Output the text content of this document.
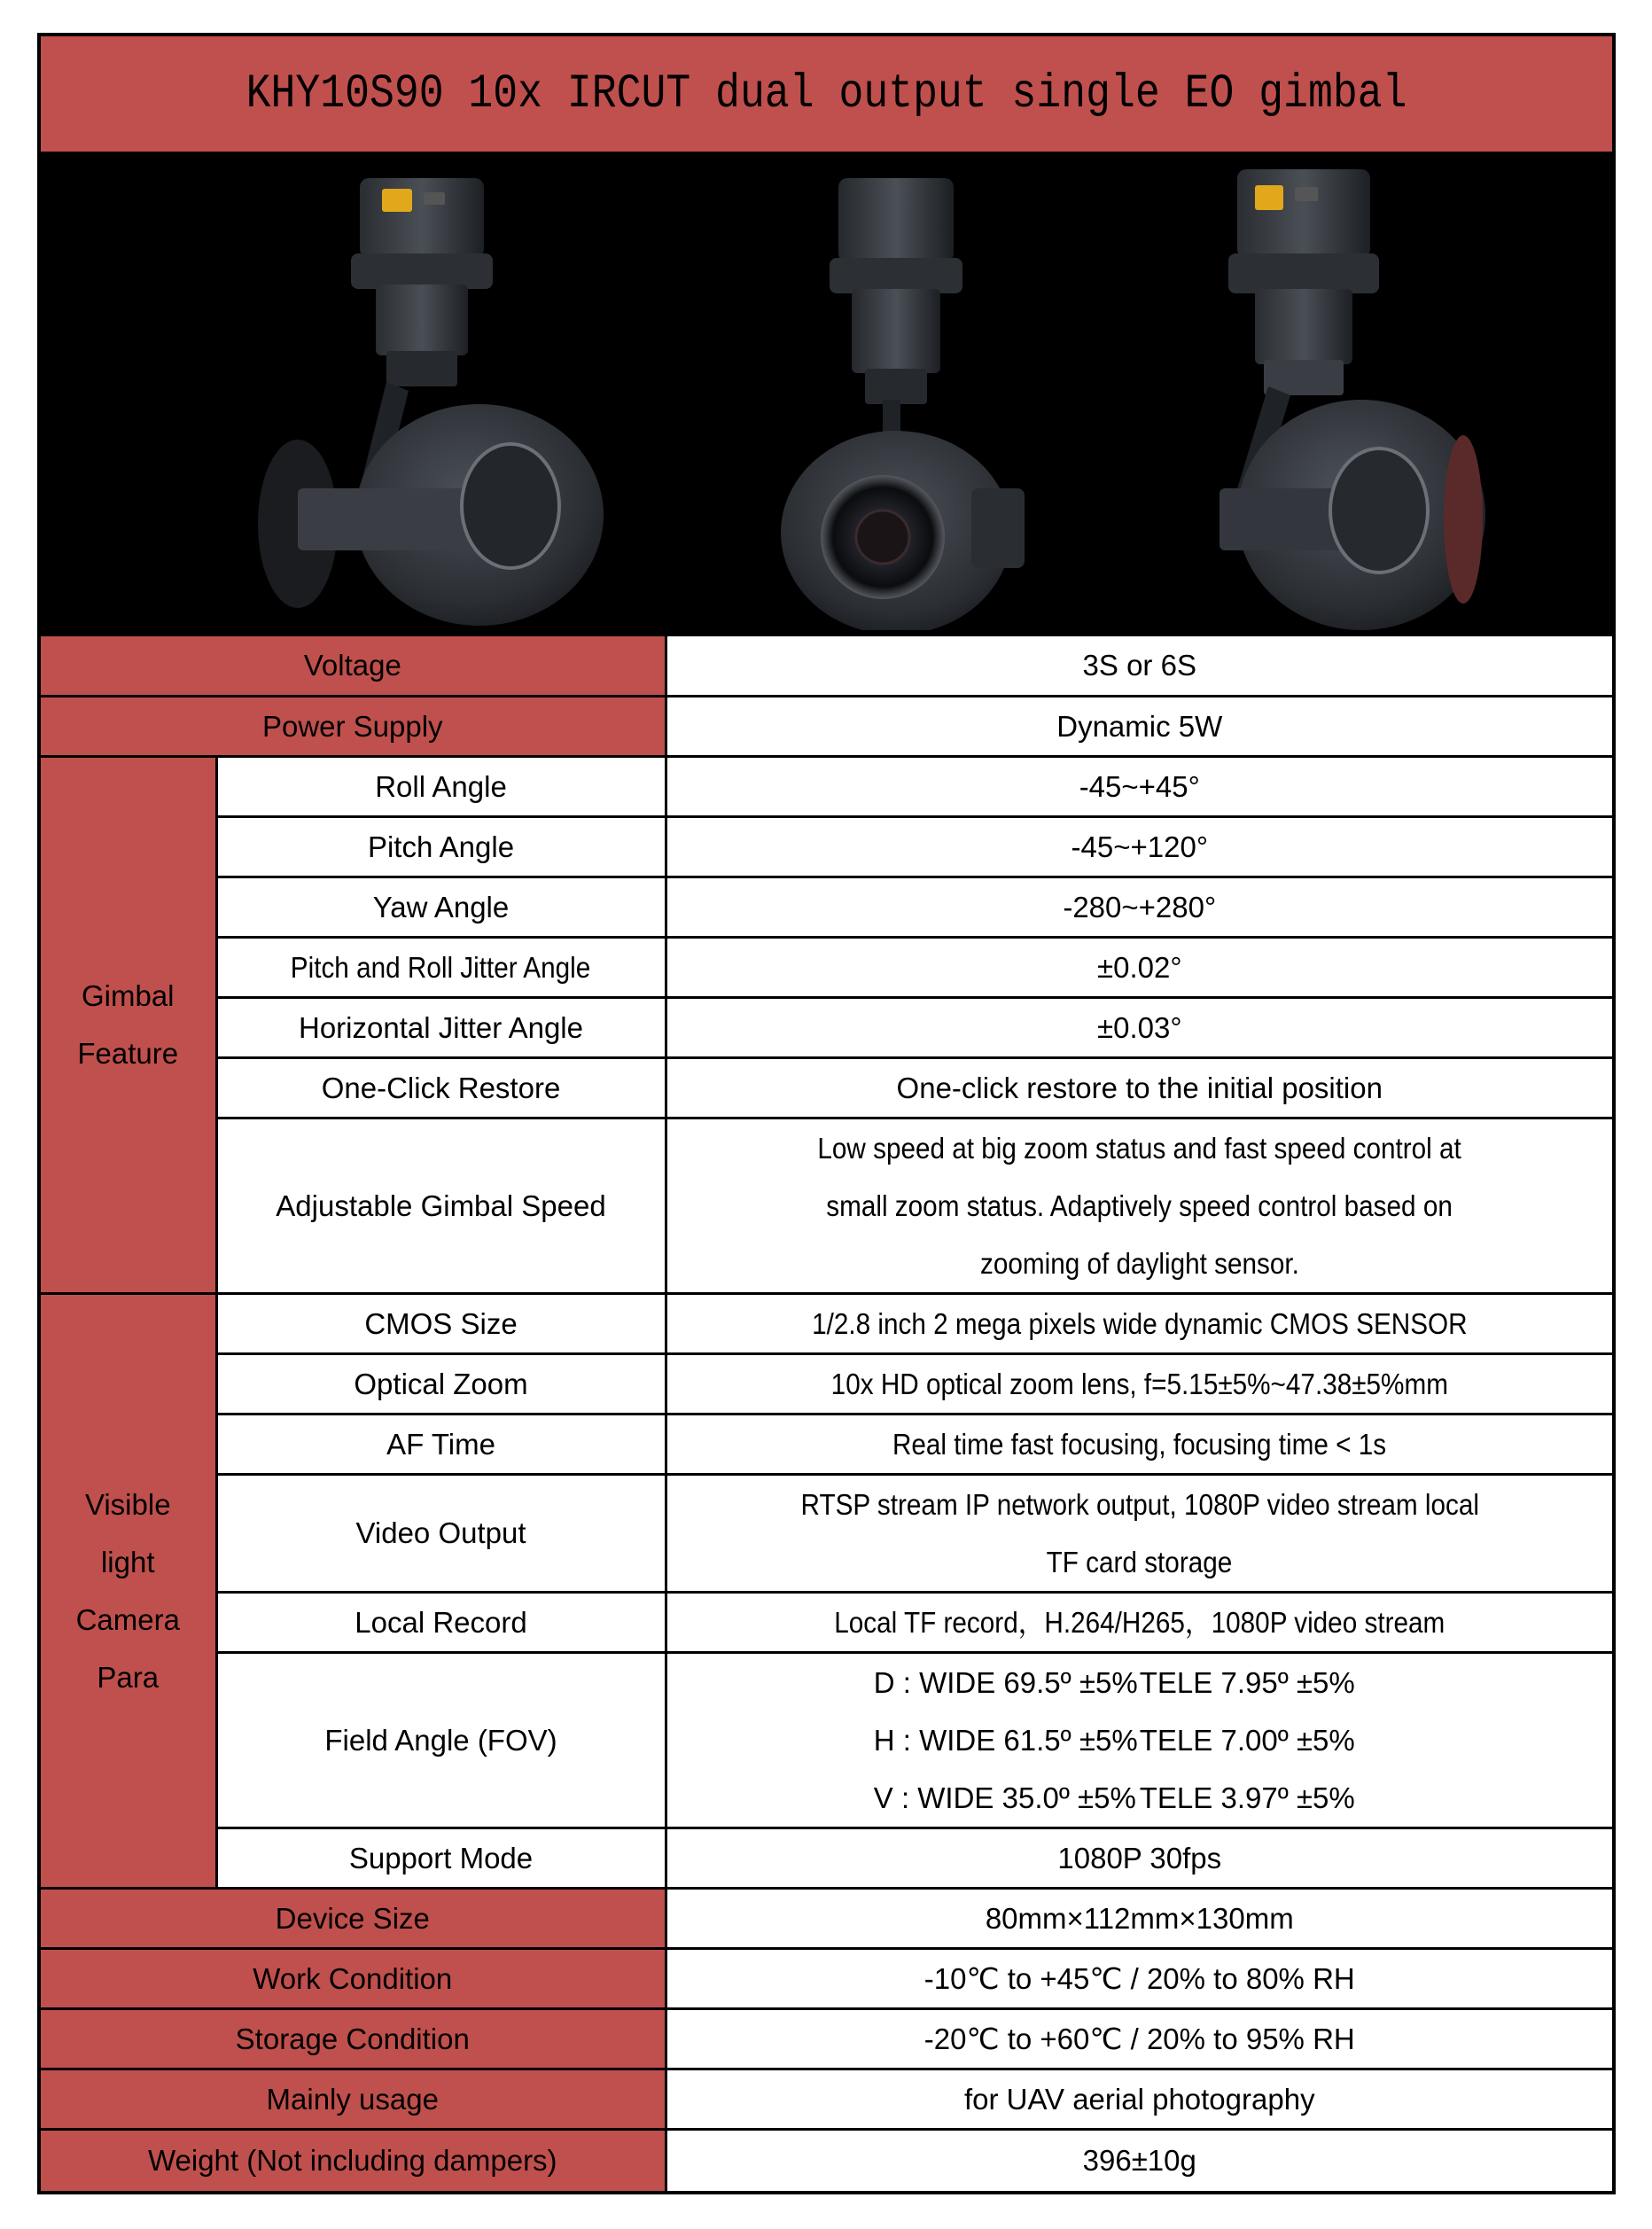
KHY10S90 10x IRCUT dual output single EO gimbal
Voltage		3S or 6S
Power Supply		Dynamic 5W

Gimbal
Feature	Roll Angle	-45~+45°
	Pitch Angle	-45~+120°
	Yaw Angle	-280~+280°
	Pitch and Roll Jitter Angle	±0.02°
	Horizontal Jitter Angle	±0.03°
	One-Click Restore	One-click restore to the initial position
	Adjustable Gimbal Speed	Low speed at big zoom status and fast speed control at
small zoom status. Adaptively speed control based on
zooming of daylight sensor.

Visible
light
Camera
Para	CMOS Size	1/2.8 inch 2 mega pixels wide dynamic CMOS SENSOR
	Optical Zoom	10x HD optical zoom lens, f=5.15±5%~47.38±5%mm
	AF Time	Real time fast focusing, focusing time < 1s
	Video Output	RTSP stream IP network output, 1080P video stream local
TF card storage

	Local Record	Local TF record，H.264/H265，1080P video stream
	Field Angle (FOV)	D : WIDE 69.5º ±5%TELE 7.95º ±5%
H : WIDE 61.5º ±5%TELE 7.00º ±5%
V : WIDE 35.0º ±5% TELE 3.97º ±5%

	Support Mode	1080P 30fps
Device Size		80mm×112mm×130mm
Work Condition		-10℃ to +45℃ / 20% to 80% RH
Storage Condition		-20℃ to +60℃ / 20% to 95% RH
Mainly usage		for UAV aerial photography
Weight (Not including dampers)		396±10g
